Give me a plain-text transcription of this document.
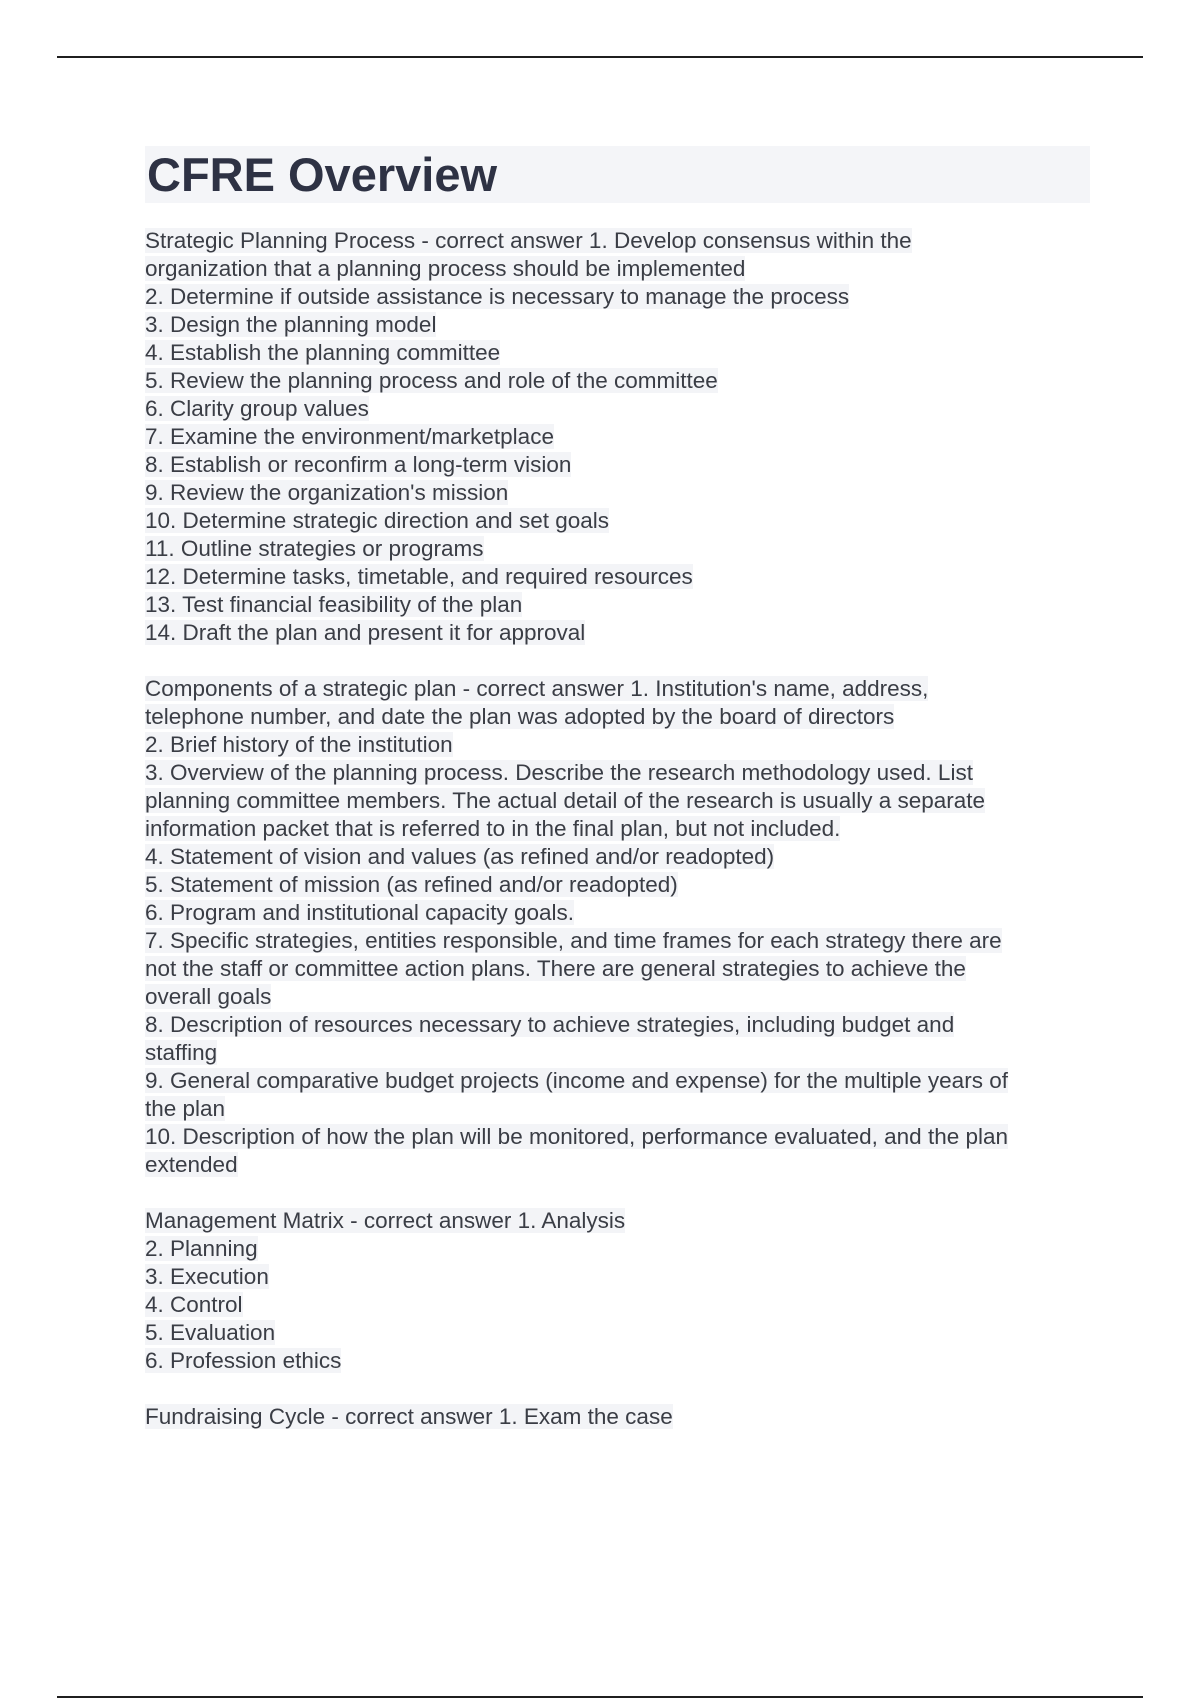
CFRE Overview
Strategic Planning Process - correct answer 1. Develop consensus within the
organization that a planning process should be implemented
2. Determine if outside assistance is necessary to manage the process
3. Design the planning model
4. Establish the planning committee
5. Review the planning process and role of the committee
6. Clarity group values
7. Examine the environment/marketplace
8. Establish or reconfirm a long-term vision
9. Review the organization's mission
10. Determine strategic direction and set goals
11. Outline strategies or programs
12. Determine tasks, timetable, and required resources
13. Test financial feasibility of the plan
14. Draft the plan and present it for approval
Components of a strategic plan - correct answer 1. Institution's name, address,
telephone number, and date the plan was adopted by the board of directors
2. Brief history of the institution
3. Overview of the planning process. Describe the research methodology used. List
planning committee members. The actual detail of the research is usually a separate
information packet that is referred to in the final plan, but not included.
4. Statement of vision and values (as refined and/or readopted)
5. Statement of mission (as refined and/or readopted)
6. Program and institutional capacity goals.
7. Specific strategies, entities responsible, and time frames for each strategy there are
not the staff or committee action plans. There are general strategies to achieve the
overall goals
8. Description of resources necessary to achieve strategies, including budget and
staffing
9. General comparative budget projects (income and expense) for the multiple years of
the plan
10. Description of how the plan will be monitored, performance evaluated, and the plan
extended
Management Matrix - correct answer 1. Analysis
2. Planning
3. Execution
4. Control
5. Evaluation
6. Profession ethics
Fundraising Cycle - correct answer 1. Exam the case
